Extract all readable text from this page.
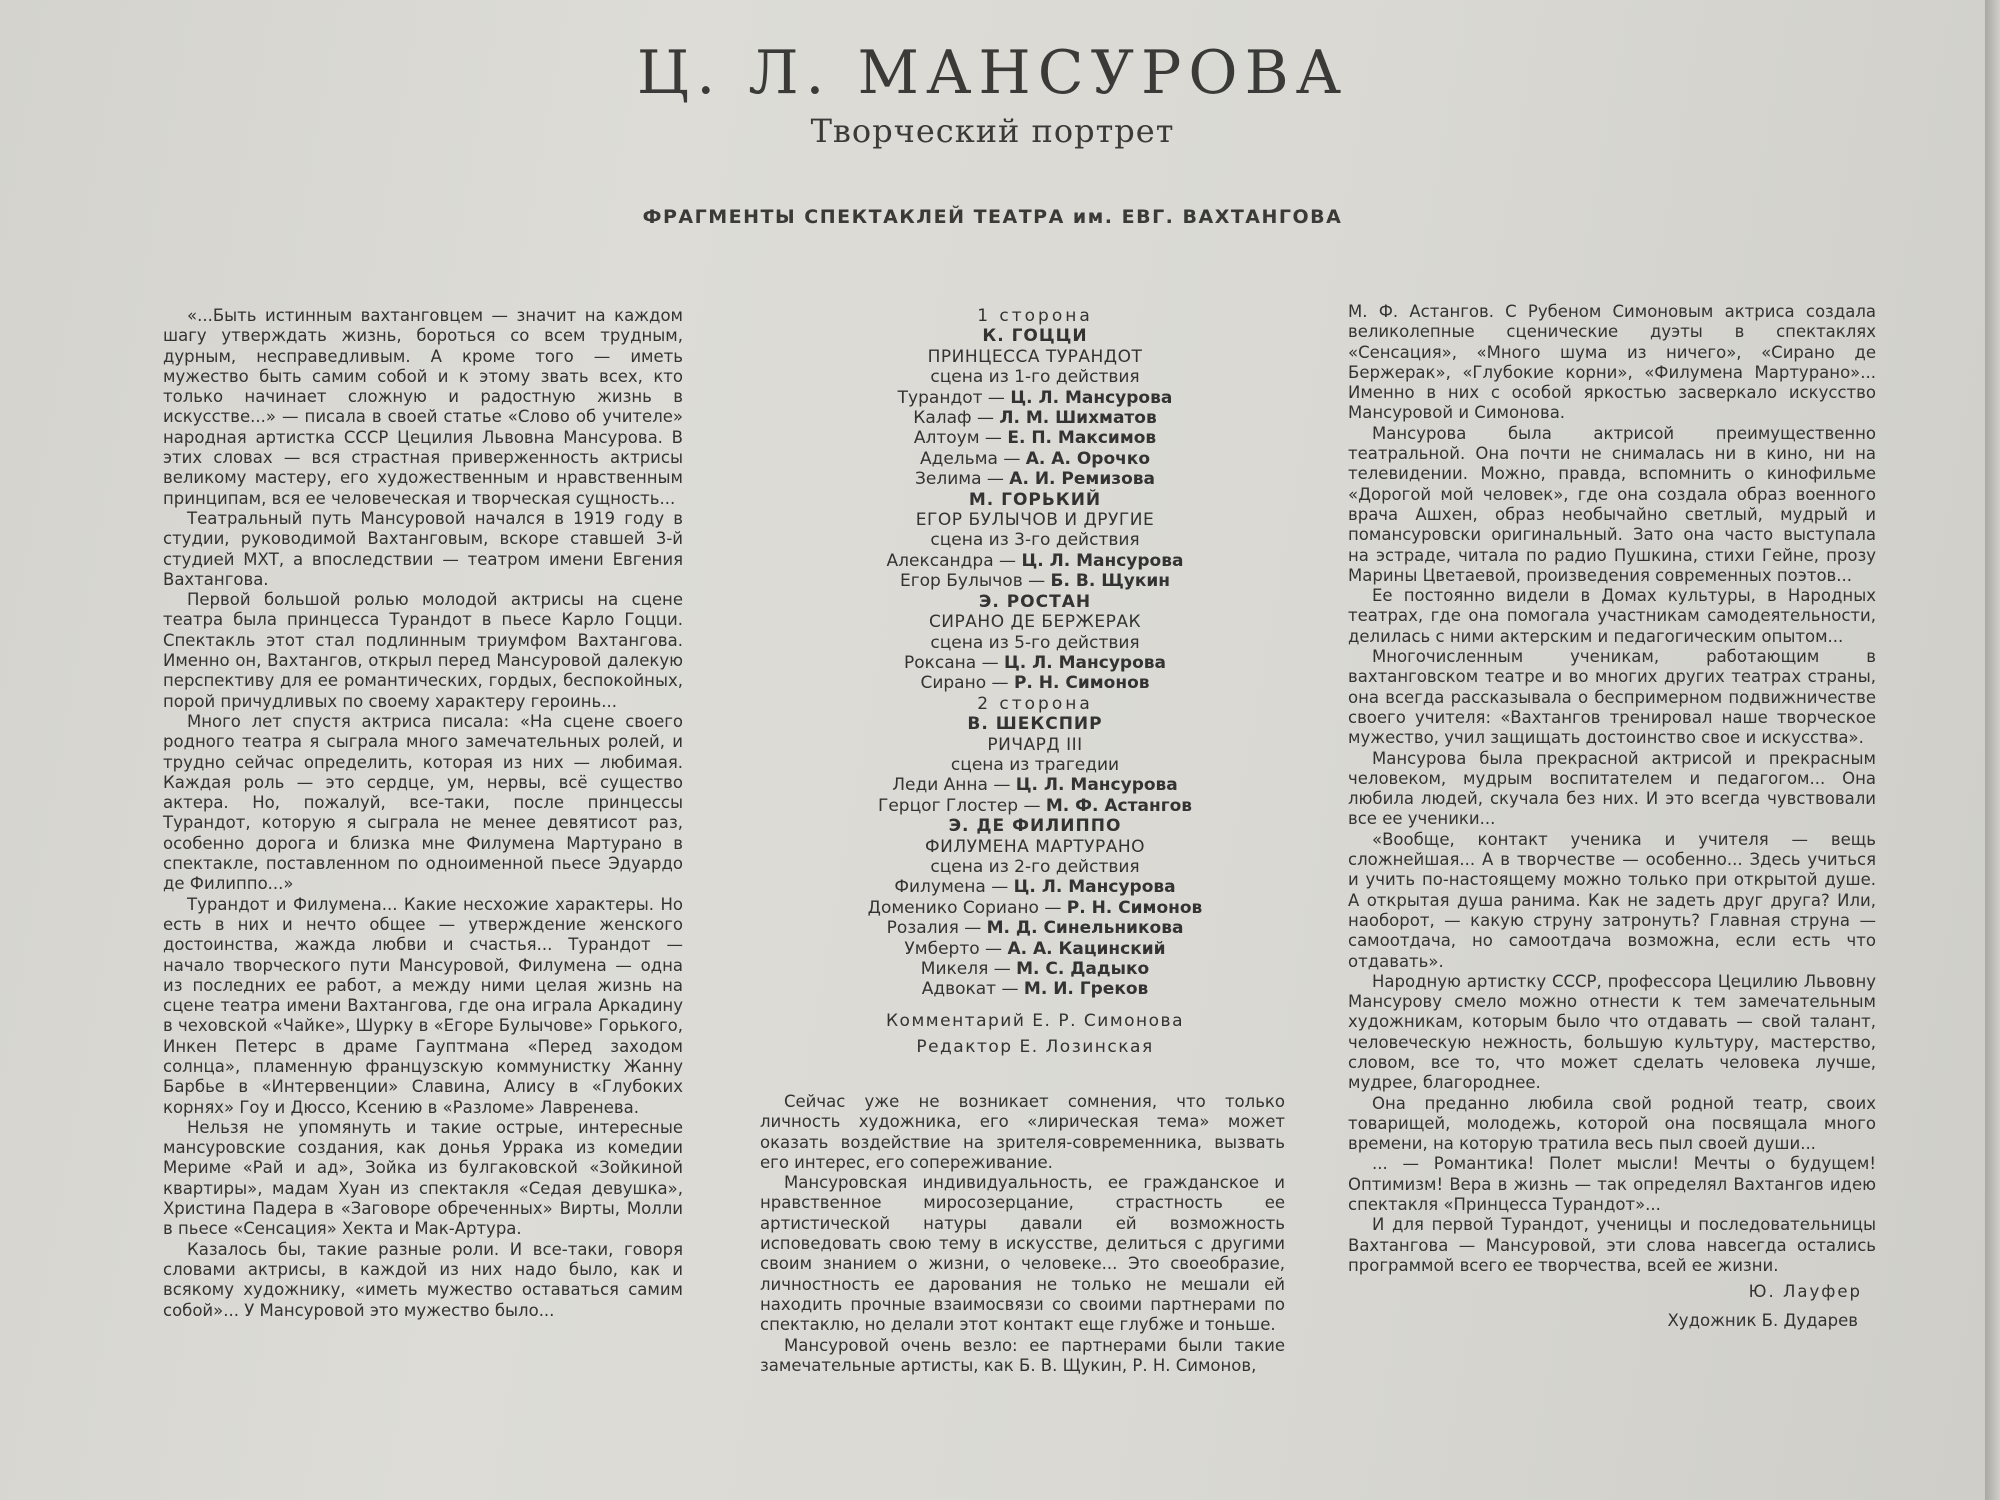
Ц. Л. МАНСУРОВА
Творческий портрет
ФРАГМЕНТЫ СПЕКТАКЛЕЙ ТЕАТРА им. ЕВГ. ВАХТАНГОВА

«...Быть истинным вахтанговцем — значит на каждом шагу утверждать жизнь, бороться со всем трудным, дурным, несправедливым. А кроме того — иметь мужество быть самим собой и к этому звать всех, кто только начинает сложную и радостную жизнь в искусстве...» — писала в своей статье «Слово об учителе» народная артистка СССР Цецилия Львовна Мансурова. В этих словах — вся страстная приверженность актрисы великому мастеру, его художественным и нравственным принципам, вся ее человеческая и творческая сущность...

Театральный путь Мансуровой начался в 1919 году в студии, руководимой Вахтанговым, вскоре ставшей 3-й студией МХТ, а впоследствии — театром имени Евгения Вахтангова.

Первой большой ролью молодой актрисы на сцене театра была принцесса Турандот в пьесе Карло Гоцци. Спектакль этот стал подлинным триумфом Вахтангова. Именно он, Вахтангов, открыл перед Мансуровой далекую перспективу для ее романтических, гордых, беспокойных, порой причудливых по своему характеру героинь...

Много лет спустя актриса писала: «На сцене своего родного театра я сыграла много замечательных ролей, и трудно сейчас определить, которая из них — любимая. Каждая роль — это сердце, ум, нервы, всё существо актера. Но, пожалуй, все-таки, после принцессы Турандот, которую я сыграла не менее девятисот раз, особенно дорога и близка мне Филумена Мартурано в спектакле, поставленном по одноименной пьесе Эдуардо де Филиппо...»

Турандот и Филумена... Какие несхожие характеры. Но есть в них и нечто общее — утверждение женского достоинства, жажда любви и счастья... Турандот — начало творческого пути Мансуровой, Филумена — одна из последних ее работ, а между ними целая жизнь на сцене театра имени Вахтангова, где она играла Аркадину в чеховской «Чайке», Шурку в «Егоре Булычове» Горького, Инкен Петерс в драме Гауптмана «Перед заходом солнца», пламенную французскую коммунистку Жанну Барбье в «Интервенции» Славина, Алису в «Глубоких корнях» Гоу и Дюссо, Ксению в «Разломе» Лавренева.

Нельзя не упомянуть и такие острые, интересные мансуровские создания, как донья Уррака из комедии Мериме «Рай и ад», Зойка из булгаковской «Зойкиной квартиры», мадам Хуан из спектакля «Седая девушка», Христина Падера в «Заговоре обреченных» Вирты, Молли в пьесе «Сенсация» Хекта и Мак-Артура.

Казалось бы, такие разные роли. И все-таки, говоря словами актрисы, в каждой из них надо было, как и всякому художнику, «иметь мужество оставаться самим собой»... У Мансуровой это мужество было...

1 сторона
К. ГОЦЦИ
ПРИНЦЕССА ТУРАНДОТ
сцена из 1-го действия
Турандот — Ц. Л. Мансурова
Калаф — Л. М. Шихматов
Алтоум — Е. П. Максимов
Адельма — А. А. Орочко
Зелима — А. И. Ремизова
М. ГОРЬКИЙ
ЕГОР БУЛЫЧОВ И ДРУГИЕ
сцена из 3-го действия
Александра — Ц. Л. Мансурова
Егор Булычов — Б. В. Щукин
Э. РОСТАН
СИРАНО ДЕ БЕРЖЕРАК
сцена из 5-го действия
Роксана — Ц. Л. Мансурова
Сирано — Р. Н. Симонов
2 сторона
В. ШЕКСПИР
РИЧАРД III
сцена из трагедии
Леди Анна — Ц. Л. Мансурова
Герцог Глостер — М. Ф. Астангов
Э. ДЕ ФИЛИППО
ФИЛУМЕНА МАРТУРАНО
сцена из 2-го действия
Филумена — Ц. Л. Мансурова
Доменико Сориано — Р. Н. Симонов
Розалия — М. Д. Синельникова
Умберто — А. А. Кацинский
Микеля — М. С. Дадыко
Адвокат — М. И. Греков
Комментарий Е. Р. Симонова
Редактор Е. Лозинская

Сейчас уже не возникает сомнения, что только личность художника, его «лирическая тема» может оказать воздействие на зрителя-современника, вызвать его интерес, его сопереживание.

Мансуровская индивидуальность, ее гражданское и нравственное миросозерцание, страстность ее артистической натуры давали ей возможность исповедовать свою тему в искусстве, делиться с другими своим знанием о жизни, о человеке... Это своеобразие, личностность ее дарования не только не мешали ей находить прочные взаимосвязи со своими партнерами по спектаклю, но делали этот контакт еще глубже и тоньше.

Мансуровой очень везло: ее партнерами были такие замечательные артисты, как Б. В. Щукин, Р. Н. Симонов,

М. Ф. Астангов. С Рубеном Симоновым актриса создала великолепные сценические дуэты в спектаклях «Сенсация», «Много шума из ничего», «Сирано де Бержерак», «Глубокие корни», «Филумена Мартурано»... Именно в них с особой яркостью засверкало искусство Мансуровой и Симонова.

Мансурова была актрисой преимущественно театральной. Она почти не снималась ни в кино, ни на телевидении. Можно, правда, вспомнить о кинофильме «Дорогой мой человек», где она создала образ военного врача Ашхен, образ необычайно светлый, мудрый и помансуровски оригинальный. Зато она часто выступала на эстраде, читала по радио Пушкина, стихи Гейне, прозу Марины Цветаевой, произведения современных поэтов...

Ее постоянно видели в Домах культуры, в Народных театрах, где она помогала участникам самодеятельности, делилась с ними актерским и педагогическим опытом...

Многочисленным ученикам, работающим в вахтанговском театре и во многих других театрах страны, она всегда рассказывала о беспримерном подвижничестве своего учителя: «Вахтангов тренировал наше творческое мужество, учил защищать достоинство свое и искусства».

Мансурова была прекрасной актрисой и прекрасным человеком, мудрым воспитателем и педагогом... Она любила людей, скучала без них. И это всегда чувствовали все ее ученики...

«Вообще, контакт ученика и учителя — вещь сложнейшая... А в творчестве — особенно... Здесь учиться и учить по-настоящему можно только при открытой душе. А открытая душа ранима. Как не задеть друг друга? Или, наоборот, — какую струну затронуть? Главная струна — самоотдача, но самоотдача возможна, если есть что отдавать».

Народную артистку СССР, профессора Цецилию Львовну Мансурову смело можно отнести к тем замечательным художникам, которым было что отдавать — свой талант, человеческую нежность, большую культуру, мастерство, словом, все то, что может сделать человека лучше, мудрее, благороднее.

Она преданно любила свой родной театр, своих товарищей, молодежь, которой она посвящала много времени, на которую тратила весь пыл своей души...

... — Романтика! Полет мысли! Мечты о будущем! Оптимизм! Вера в жизнь — так определял Вахтангов идею спектакля «Принцесса Турандот»...

И для первой Турандот, ученицы и последовательницы Вахтангова — Мансуровой, эти слова навсегда остались программой всего ее творчества, всей ее жизни.

Ю. Лауфер
Художник Б. Дударев
